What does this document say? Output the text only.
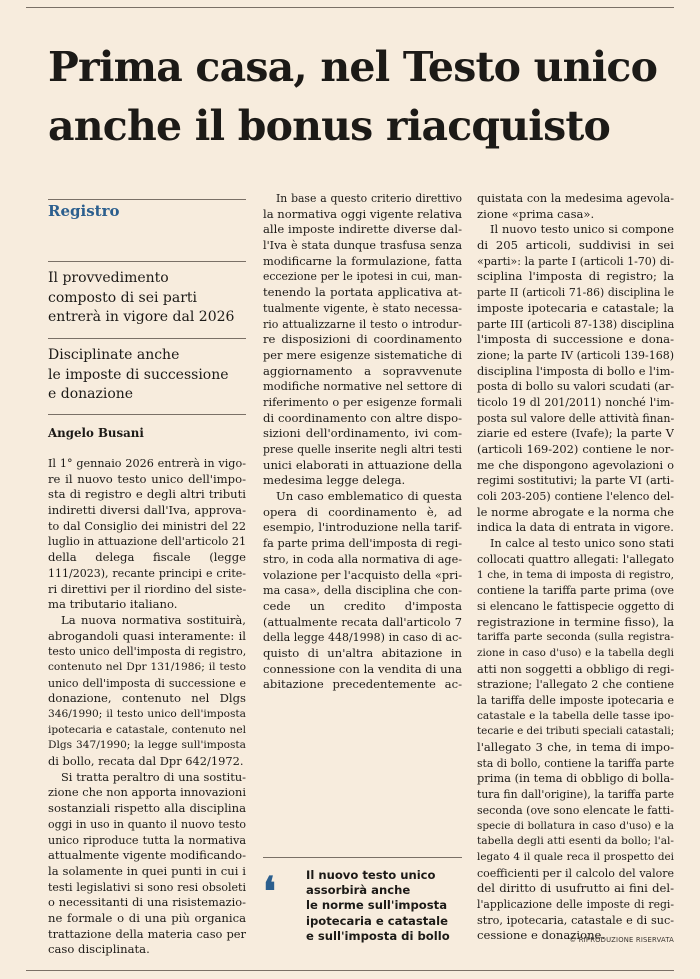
Prima casa, nel Testo unico
anche il bonus riacquisto

Registro

Il provvedimento
composto di sei parti
entrerà in vigore dal 2026

Disciplinate anche
le imposte di successione
e donazione

Angelo Busani

Il 1° gennaio 2026 entrerà in vigo-
re il nuovo testo unico dell'impo-
sta di registro e degli altri tributi
indiretti diversi dall'Iva, approva-
to dal Consiglio dei ministri del 22
luglio in attuazione dell'articolo 21
della delega fiscale (legge
111/2023), recante principi e crite-
ri direttivi per il riordino del siste-
ma tributario italiano.

La nuova normativa sostituirà,
abrogandoli quasi interamente: il
testo unico dell'imposta di registro,
contenuto nel Dpr 131/1986; il testo
unico dell'imposta di successione e
donazione, contenuto nel Dlgs
346/1990; il testo unico dell'imposta
ipotecaria e catastale, contenuto nel
Dlgs 347/1990; la legge sull'imposta
di bollo, recata dal Dpr 642/1972.

Si tratta peraltro di una sostitu-
zione che non apporta innovazioni
sostanziali rispetto alla disciplina
oggi in uso in quanto il nuovo testo
unico riproduce tutta la normativa
attualmente vigente modificando-
la solamente in quei punti in cui i
testi legislativi si sono resi obsoleti
o necessitanti di una risistemazio-
ne formale o di una più organica
trattazione della materia caso per
caso disciplinata.

In base a questo criterio direttivo
la normativa oggi vigente relativa
alle imposte indirette diverse dal-
l'Iva è stata dunque trasfusa senza
modificarne la formulazione, fatta
eccezione per le ipotesi in cui, man-
tenendo la portata applicativa at-
tualmente vigente, è stato necessa-
rio attualizzarne il testo o introdur-
re disposizioni di coordinamento
per mere esigenze sistematiche di
aggiornamento a sopravvenute
modifiche normative nel settore di
riferimento o per esigenze formali
di coordinamento con altre dispo-
sizioni dell'ordinamento, ivi com-
prese quelle inserite negli altri testi
unici elaborati in attuazione della
medesima legge delega.

Un caso emblematico di questa
opera di coordinamento è, ad
esempio, l'introduzione nella tarif-
fa parte prima dell'imposta di regi-
stro, in coda alla normativa di age-
volazione per l'acquisto della «pri-
ma casa», della disciplina che con-
cede un credito d'imposta
(attualmente recata dall'articolo 7
della legge 448/1998) in caso di ac-
quisto di un'altra abitazione in
connessione con la vendita di una
abitazione precedentemente ac-

❛	Il nuovo testo unico
assorbirà anche
le norme sull'imposta
ipotecaria e catastale
e sull'imposta di bollo

quistata con la medesima agevola-
zione «prima casa».

Il nuovo testo unico si compone
di 205 articoli, suddivisi in sei
«parti»: la parte I (articoli 1-70) di-
sciplina l'imposta di registro; la
parte II (articoli 71-86) disciplina le
imposte ipotecaria e catastale; la
parte III (articoli 87-138) disciplina
l'imposta di successione e dona-
zione; la parte IV (articoli 139-168)
disciplina l'imposta di bollo e l'im-
posta di bollo su valori scudati (ar-
ticolo 19 dl 201/2011) nonché l'im-
posta sul valore delle attività finan-
ziarie ed estere (Ivafe); la parte V
(articoli 169-202) contiene le nor-
me che dispongono agevolazioni o
regimi sostitutivi; la parte VI (arti-
coli 203-205) contiene l'elenco del-
le norme abrogate e la norma che
indica la data di entrata in vigore.

In calce al testo unico sono stati
collocati quattro allegati: l'allegato
1 che, in tema di imposta di registro,
contiene la tariffa parte prima (ove
si elencano le fattispecie oggetto di
registrazione in termine fisso), la
tariffa parte seconda (sulla registra-
zione in caso d'uso) e la tabella degli
atti non soggetti a obbligo di regi-
strazione; l'allegato 2 che contiene
la tariffa delle imposte ipotecaria e
catastale e la tabella delle tasse ipo-
tecarie e dei tributi speciali catastali;
l'allegato 3 che, in tema di impo-
sta di bollo, contiene la tariffa parte
prima (in tema di obbligo di bolla-
tura fin dall'origine), la tariffa parte
seconda (ove sono elencate le fatti-
specie di bollatura in caso d'uso) e la
tabella degli atti esenti da bollo; l'al-
legato 4 il quale reca il prospetto dei
coefficienti per il calcolo del valore
del diritto di usufrutto ai fini del-
l'applicazione delle imposte di regi-
stro, ipotecaria, catastale e di suc-
cessione e donazione.

© RIPRODUZIONE RISERVATA
